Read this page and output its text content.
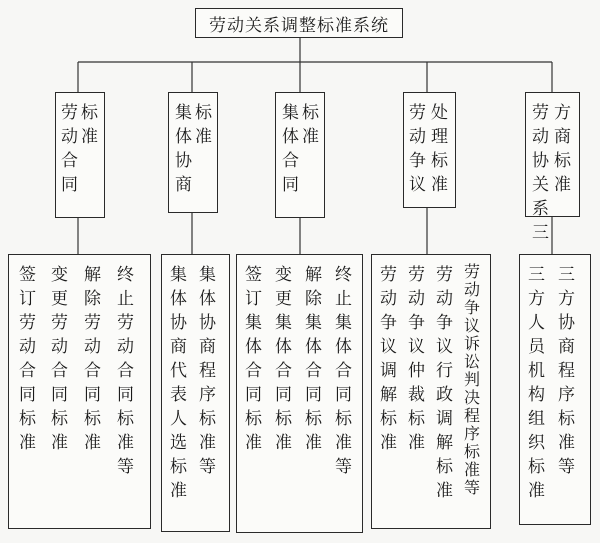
劳动关系调整标准系统
标
准
劳
动
合
同
标
准
集
体
协
商
标
准
集
体
合
同
处
理
标
准
劳
动
争
议
方
商
标
准
劳
动
协
关
系
三
终
止
劳
动
合
同
标
准
等
解
除
劳
动
合
同
标
准
变
更
劳
动
合
同
标
准
签
订
劳
动
合
同
标
准
集
体
协
商
程
序
标
准
等
集
体
协
商
代
表
人
选
标
准
终
止
集
体
合
同
标
准
等
解
除
集
体
合
同
标
准
变
更
集
体
合
同
标
准
签
订
集
体
合
同
标
准
劳
动
争
议
诉
讼
判
决
程
序
标
准
等
劳
动
争
议
行
政
调
解
标
准
劳
动
争
议
仲
裁
标
准
劳
动
争
议
调
解
标
准
三
方
协
商
程
序
标
准
等
三
方
人
员
机
构
组
织
标
准
